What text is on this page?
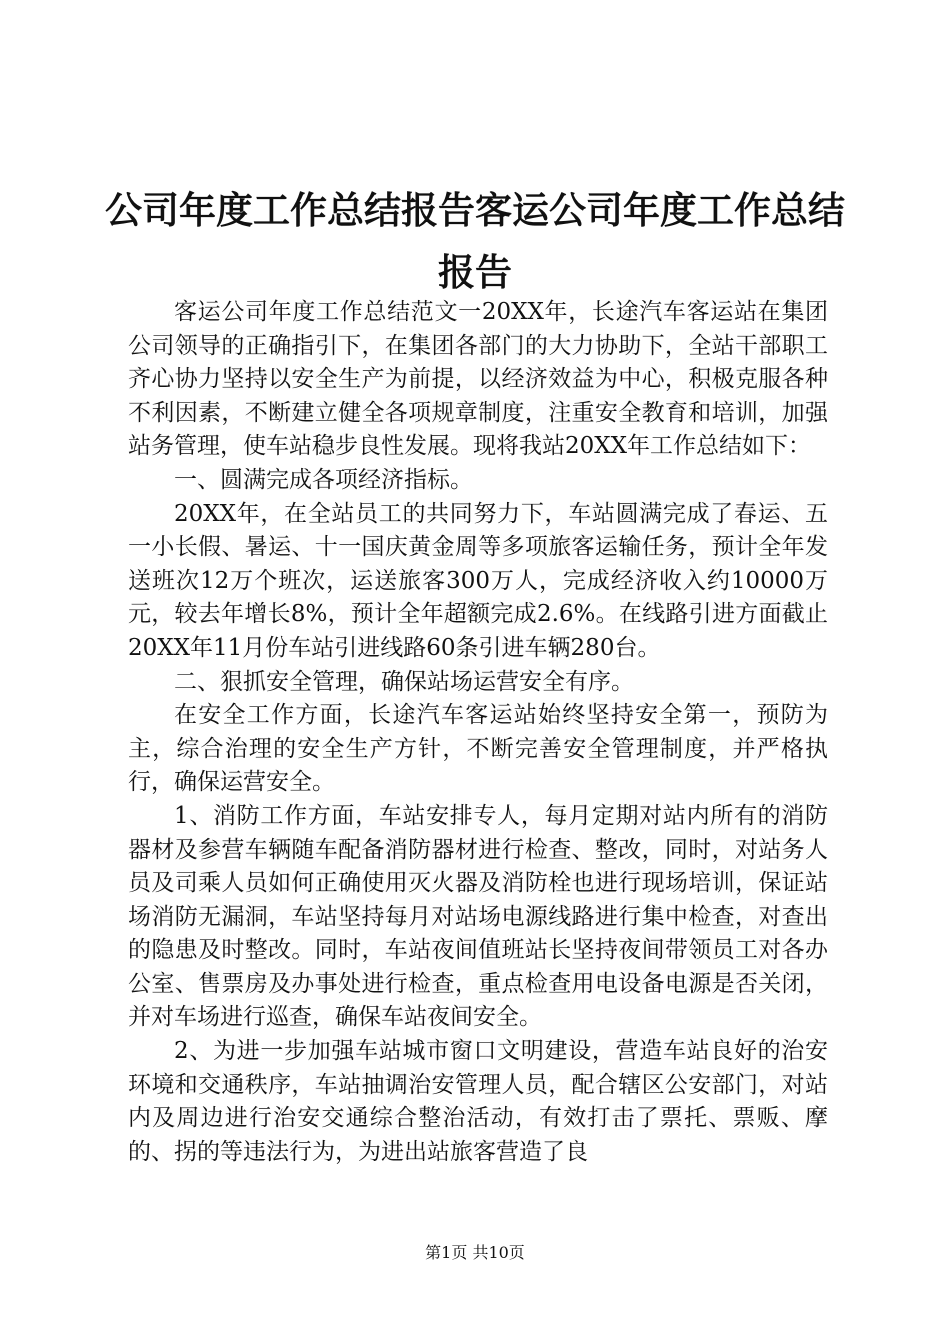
公司年度工作总结报告客运公司年度工作总结报告

客运公司年度工作总结范文一20XX年，长途汽车客运站在集团公司领导的正确指引下，在集团各部门的大力协助下，全站干部职工齐心协力坚持以安全生产为前提，以经济效益为中心，积极克服各种不利因素，不断建立健全各项规章制度，注重安全教育和培训，加强站务管理，使车站稳步良性发展。现将我站20XX年工作总结如下：

一、圆满完成各项经济指标。

20XX年，在全站员工的共同努力下，车站圆满完成了春运、五一小长假、暑运、十一国庆黄金周等多项旅客运输任务，预计全年发送班次12万个班次，运送旅客300万人，完成经济收入约10000万元，较去年增长8%，预计全年超额完成2.6%。在线路引进方面截止20XX年11月份车站引进线路60条引进车辆280台。

二、狠抓安全管理，确保站场运营安全有序。

在安全工作方面，长途汽车客运站始终坚持安全第一，预防为主，综合治理的安全生产方针，不断完善安全管理制度，并严格执行，确保运营安全。

1、消防工作方面，车站安排专人，每月定期对站内所有的消防器材及参营车辆随车配备消防器材进行检查、整改，同时，对站务人员及司乘人员如何正确使用灭火器及消防栓也进行现场培训，保证站场消防无漏洞，车站坚持每月对站场电源线路进行集中检查，对查出的隐患及时整改。同时，车站夜间值班站长坚持夜间带领员工对各办公室、售票房及办事处进行检查，重点检查用电设备电源是否关闭，并对车场进行巡查，确保车站夜间安全。

2、为进一步加强车站城市窗口文明建设，营造车站良好的治安环境和交通秩序，车站抽调治安管理人员，配合辖区公安部门，对站内及周边进行治安交通综合整治活动，有效打击了票托、票贩、摩的、拐的等违法行为，为进出站旅客营造了良

第1页 共10页
